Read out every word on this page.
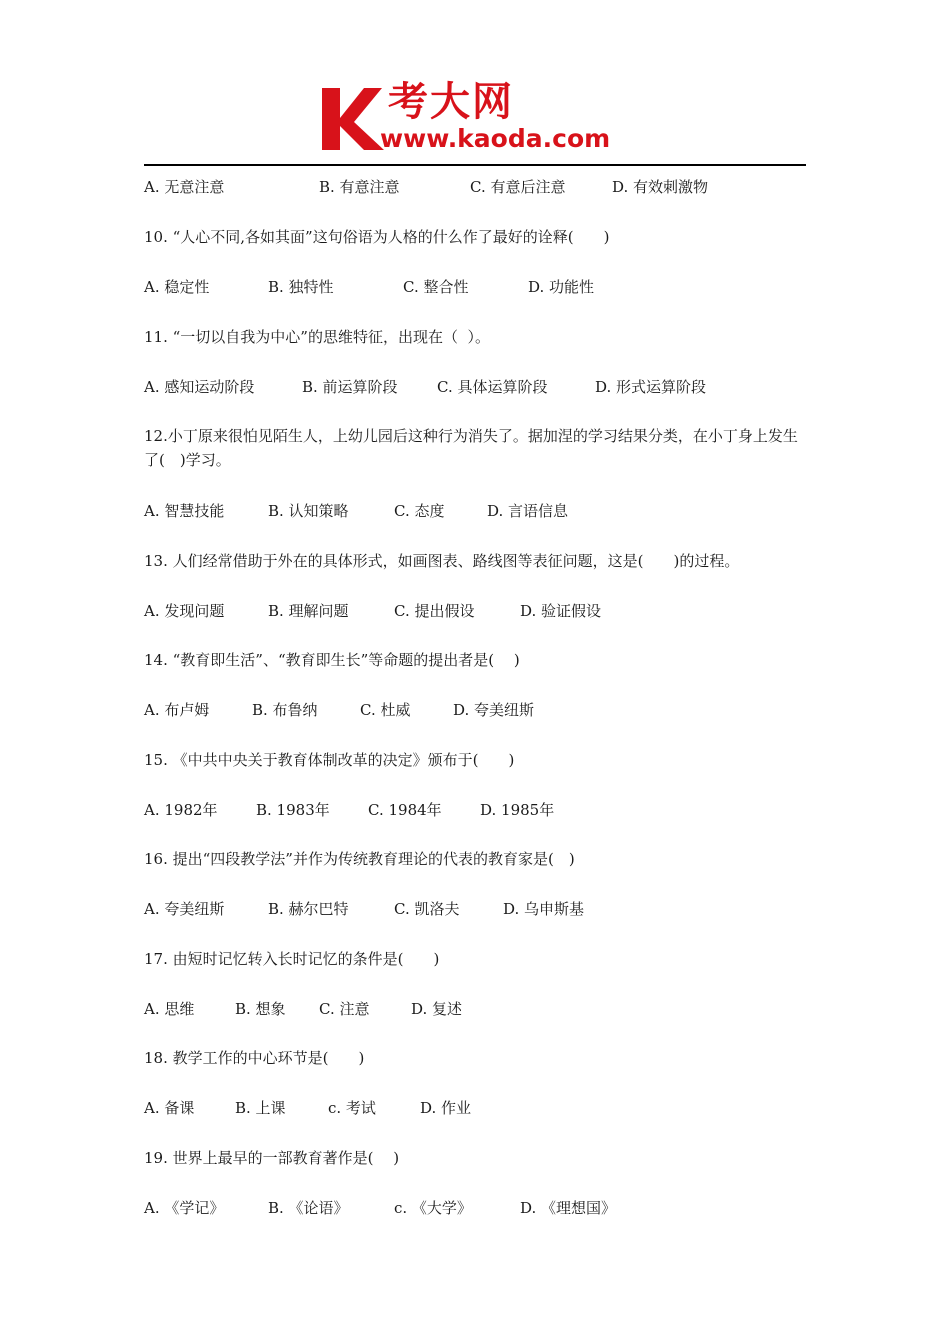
考大网
www.kaoda.com
A. 无意注意	B. 有意注意	C. 有意后注意	D. 有效刺激物
10. “人心不同,各如其面”这句俗语为人格的什么作了最好的诠释(　　)
A. 稳定性	B. 独特性	C. 整合性	D. 功能性
11. “一切以自我为中心”的思维特征，出现在（  ）。
A. 感知运动阶段	B. 前运算阶段	C. 具体运算阶段	D. 形式运算阶段
12.小丁原来很怕见陌生人，上幼儿园后这种行为消失了。据加涅的学习结果分类，在小丁身上发生了(　)学习。
A. 智慧技能	B. 认知策略	C. 态度	D. 言语信息
13. 人们经常借助于外在的具体形式，如画图表、路线图等表征问题，这是(　　)的过程。
A. 发现问题	B. 理解问题	C. 提出假设	D. 验证假设
14. “教育即生活”、“教育即生长”等命题的提出者是(　 )
A. 布卢姆	B. 布鲁纳	C. 杜威	D. 夸美纽斯
15. 《中共中央关于教育体制改革的决定》颁布于(　　)
A. 1982年	B. 1983年	C. 1984年	D. 1985年
16. 提出“四段教学法”并作为传统教育理论的代表的教育家是(　)
A. 夸美纽斯	B. 赫尔巴特	C. 凯洛夫	D. 乌申斯基
17. 由短时记忆转入长时记忆的条件是(　　)
A. 思维	B. 想象 C. 注意	D. 复述
18. 教学工作的中心环节是(　　)
A. 备课	B. 上课	c. 考试	D. 作业
19. 世界上最早的一部教育著作是(　 )
A. 《学记》	B. 《论语》	c. 《大学》	D. 《理想国》
